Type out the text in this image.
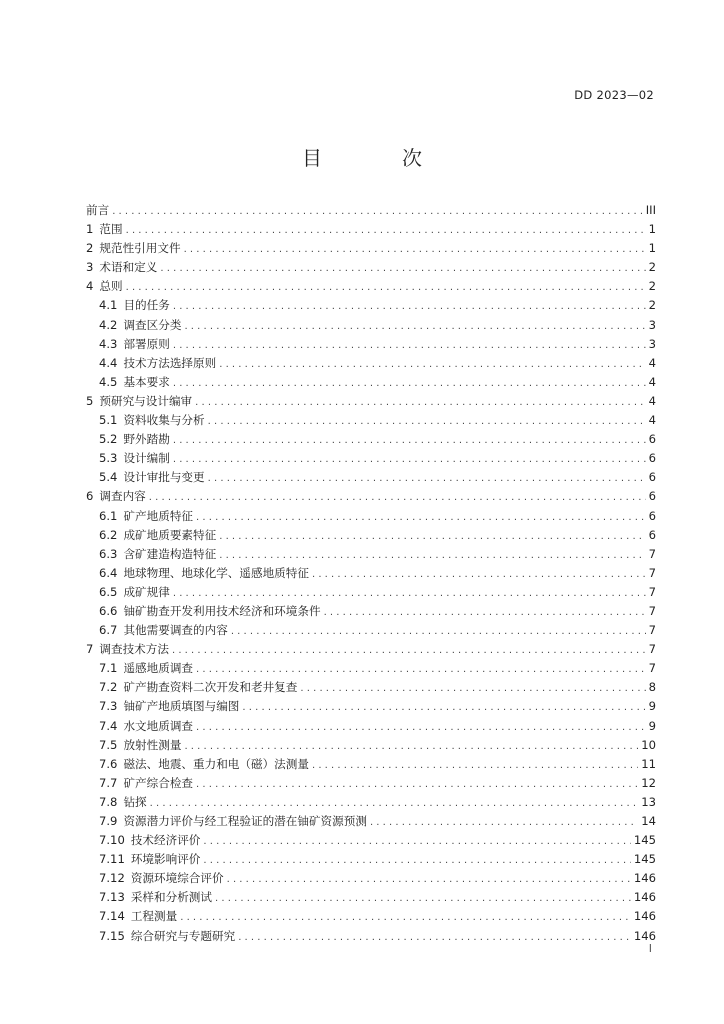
DD 2023—02
目　次
前言 . . .	III
1 范围 . . .	1
2 规范性引用文件 . . .	1
3 术语和定义 . . .	2
4 总则 . . .	2
4.1 目的任务 . . .	2
4.2 调查区分类 . . .	3
4.3 部署原则 . . .	3
4.4 技术方法选择原则 . . .	4
4.5 基本要求 . . .	4
5 预研究与设计编审 . . .	4
5.1 资料收集与分析 . . .	4
5.2 野外踏勘 . . .	6
5.3 设计编制 . . .	6
5.4 设计审批与变更 . . .	6
6 调查内容 . . .	6
6.1 矿产地质特征 . . .	6
6.2 成矿地质要素特征 . . .	6
6.3 含矿建造构造特征 . . .	7
6.4 地球物理、地球化学、遥感地质特征 . . .	7
6.5 成矿规律 . . .	7
6.6 铀矿勘查开发利用技术经济和环境条件 . . .	7
6.7 其他需要调查的内容 . . .	7
7 调查技术方法 . . .	7
7.1 遥感地质调查 . . .	7
7.2 矿产勘查资料二次开发和老井复查 . . .	8
7.3 铀矿产地质填图与编图 . . .	9
7.4 水文地质调查 . . .	9
7.5 放射性测量 . . .	10
7.6 磁法、地震、重力和电（磁）法测量 . . .	11
7.7 矿产综合检查 . . .	12
7.8 钻探 . . .	13
7.9 资源潜力评价与经工程验证的潜在铀矿资源预测 . . .	14
7.10 技术经济评价 . . .	145
7.11 环境影响评价 . . .	145
7.12 资源环境综合评价 . . .	146
7.13 采样和分析测试 . . .	146
7.14 工程测量 . . .	146
7.15 综合研究与专题研究 . . .	146
I
